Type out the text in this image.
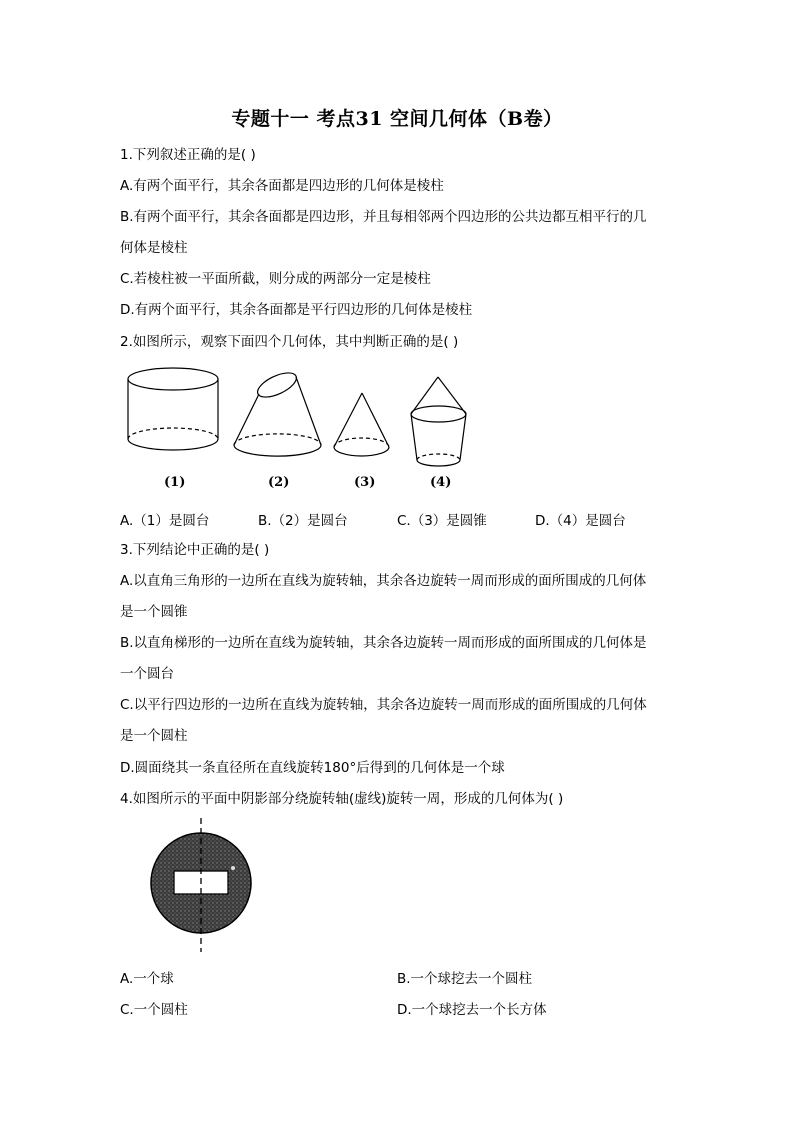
专题十一 考点31 空间几何体（B卷）
1.下列叙述正确的是( )
A.有两个面平行，其余各面都是四边形的几何体是棱柱
B.有两个面平行，其余各面都是四边形，并且每相邻两个四边形的公共边都互相平行的几
何体是棱柱
C.若棱柱被一平面所截，则分成的两部分一定是棱柱
D.有两个面平行，其余各面都是平行四边形的几何体是棱柱
2.如图所示，观察下面四个几何体，其中判断正确的是( )
(1)	(2)	(3)	(4)
A.（1）是圆台	B.（2）是圆台	C.（3）是圆锥	D.（4）是圆台
3.下列结论中正确的是( )
A.以直角三角形的一边所在直线为旋转轴，其余各边旋转一周而形成的面所围成的几何体
是一个圆锥
B.以直角梯形的一边所在直线为旋转轴，其余各边旋转一周而形成的面所围成的几何体是
一个圆台
C.以平行四边形的一边所在直线为旋转轴，其余各边旋转一周而形成的面所围成的几何体
是一个圆柱
D.圆面绕其一条直径所在直线旋转180°后得到的几何体是一个球
4.如图所示的平面中阴影部分绕旋转轴(虚线)旋转一周，形成的几何体为( )
A.一个球	B.一个球挖去一个圆柱
C.一个圆柱	D.一个球挖去一个长方体
